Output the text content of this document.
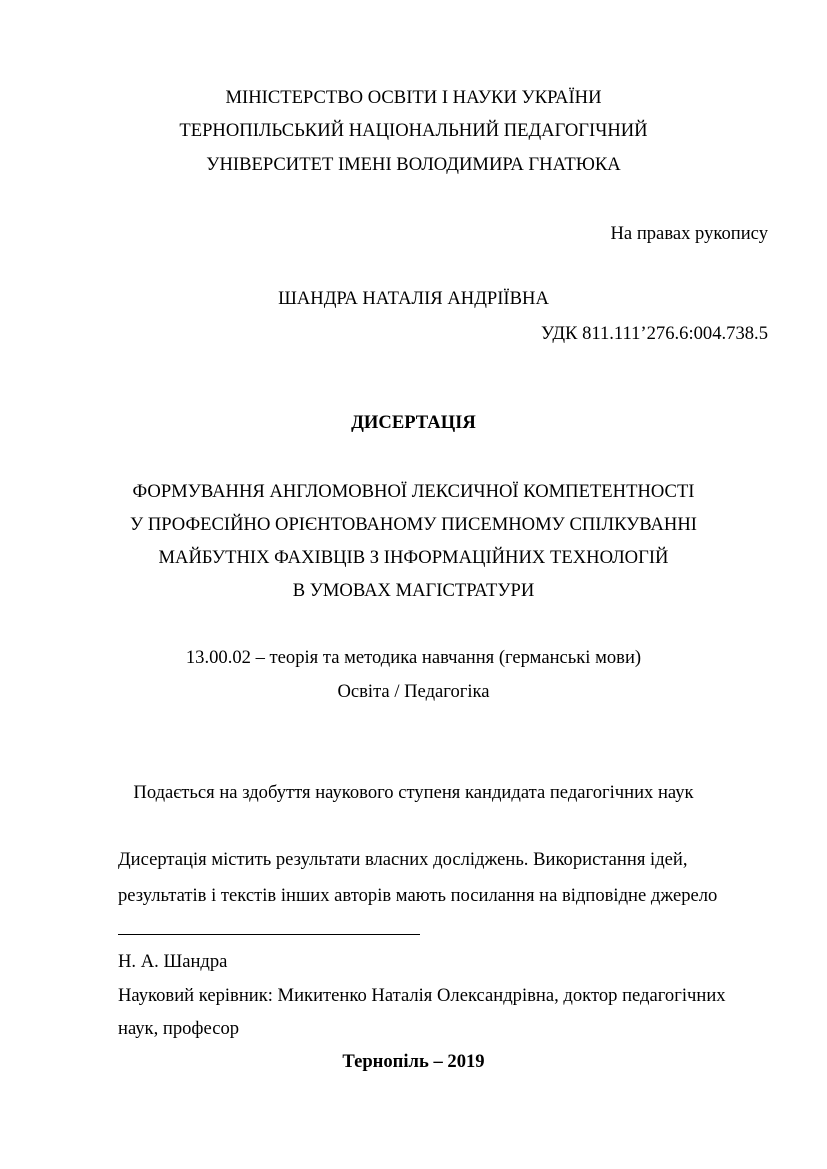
МІНІСТЕРСТВО ОСВІТИ І НАУКИ УКРАЇНИ
ТЕРНОПІЛЬСЬКИЙ НАЦІОНАЛЬНИЙ ПЕДАГОГІЧНИЙ
УНІВЕРСИТЕТ ІМЕНІ ВОЛОДИМИРА ГНАТЮКА
На правах рукопису
ШАНДРА НАТАЛІЯ АНДРІЇВНА
УДК 811.111’276.6:004.738.5
ДИСЕРТАЦІЯ
ФОРМУВАННЯ АНГЛОМОВНОЇ ЛЕКСИЧНОЇ КОМПЕТЕНТНОСТІ
У ПРОФЕСІЙНО ОРІЄНТОВАНОМУ ПИСЕМНОМУ СПІЛКУВАННІ
МАЙБУТНІХ ФАХІВЦІВ З ІНФОРМАЦІЙНИХ ТЕХНОЛОГІЙ
В УМОВАХ МАГІСТРАТУРИ
13.00.02 – теорія та методика навчання (германські мови)
Освіта / Педагогіка
Подається на здобуття наукового ступеня кандидата педагогічних наук
Дисертація містить результати власних досліджень. Використання ідей,
результатів і текстів інших авторів мають посилання на відповідне джерело
Н. А. Шандра
Науковий керівник: Микитенко Наталія Олександрівна, доктор педагогічних
наук, професор
Тернопіль – 2019
